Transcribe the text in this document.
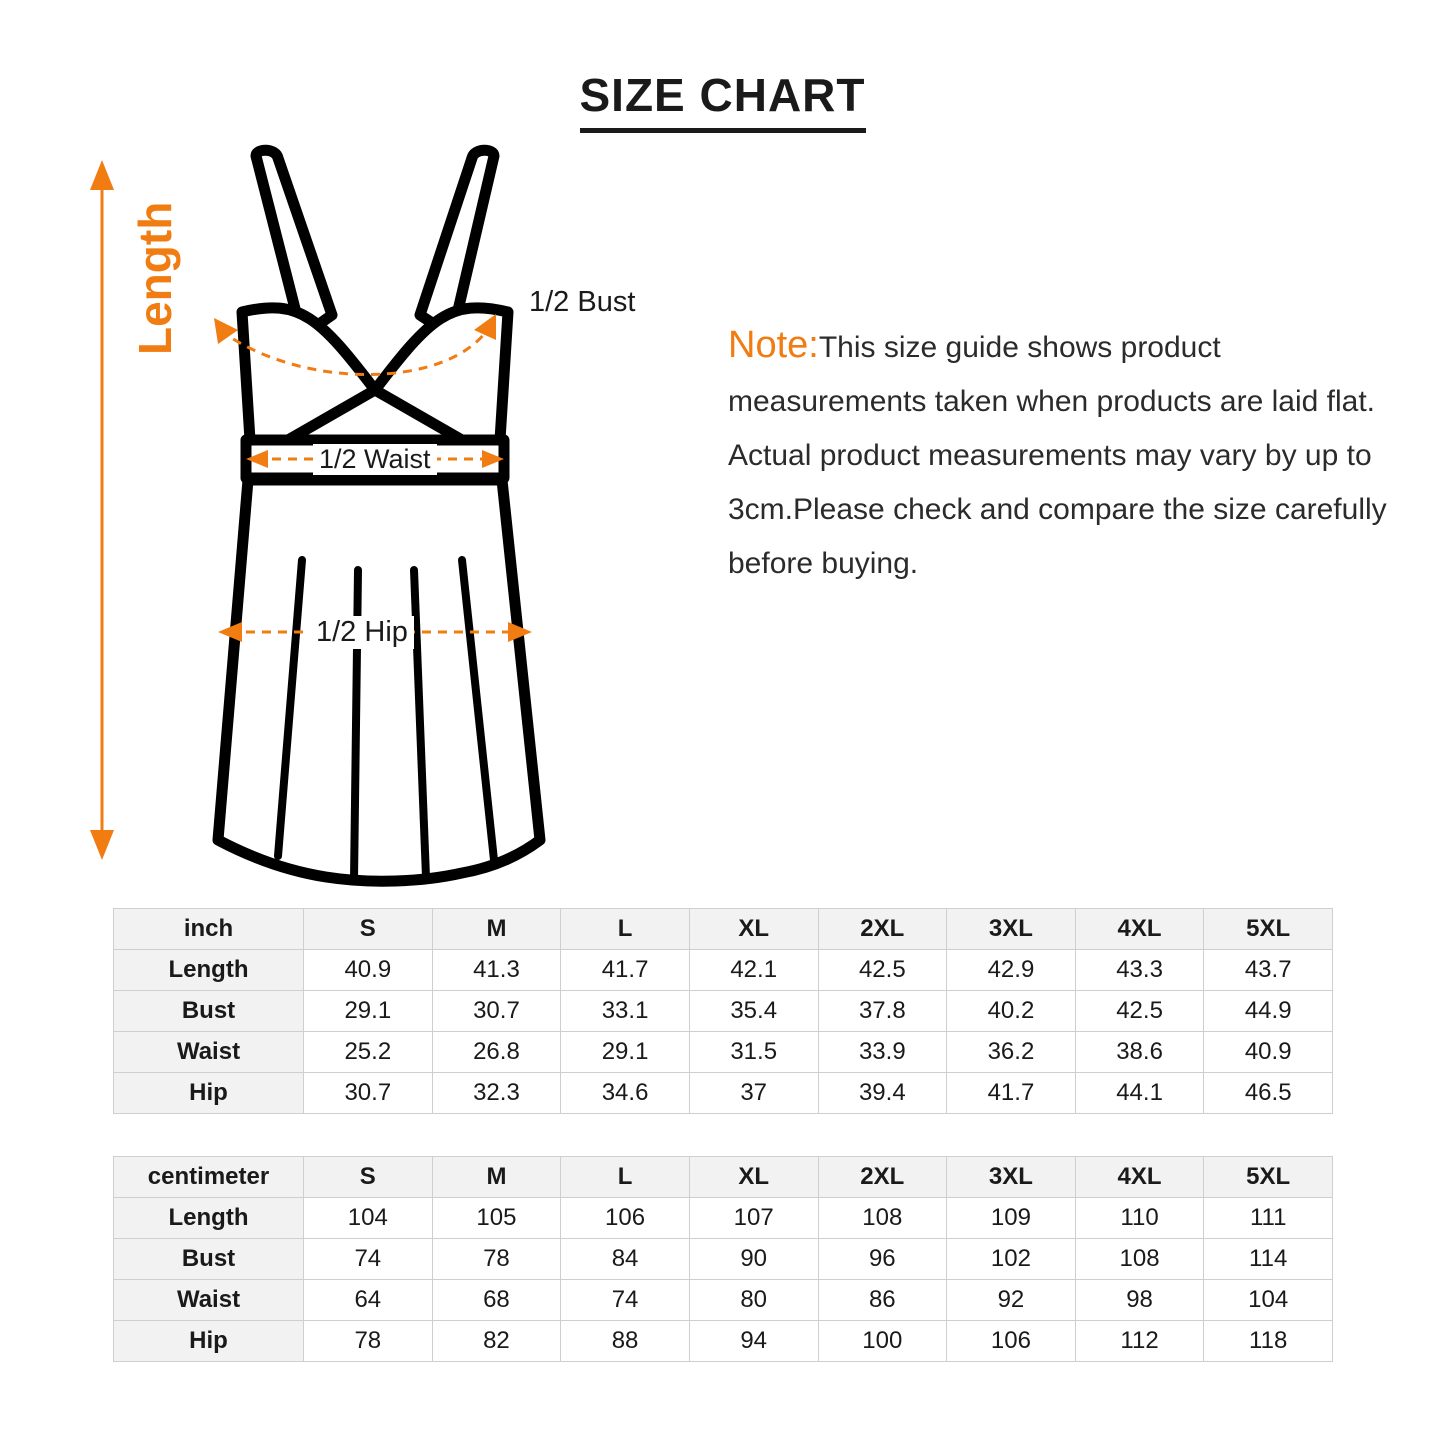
SIZE CHART
Length	1/2 Bust
1/2 Waist
1/2 Hip
Note:This size guide shows product measurements taken when products are laid flat. Actual product measurements may vary by up to 3cm.Please check and compare the size carefully before buying.
inch	S	M	L	XL	2XL	3XL	4XL	5XL
Length	40.9	41.3	41.7	42.1	42.5	42.9	43.3	43.7
Bust	29.1	30.7	33.1	35.4	37.8	40.2	42.5	44.9
Waist	25.2	26.8	29.1	31.5	33.9	36.2	38.6	40.9
Hip	30.7	32.3	34.6	37	39.4	41.7	44.1	46.5
centimeter	S	M	L	XL	2XL	3XL	4XL	5XL
Length	104	105	106	107	108	109	110	111
Bust	74	78	84	90	96	102	108	114
Waist	64	68	74	80	86	92	98	104
Hip	78	82	88	94	100	106	112	118
